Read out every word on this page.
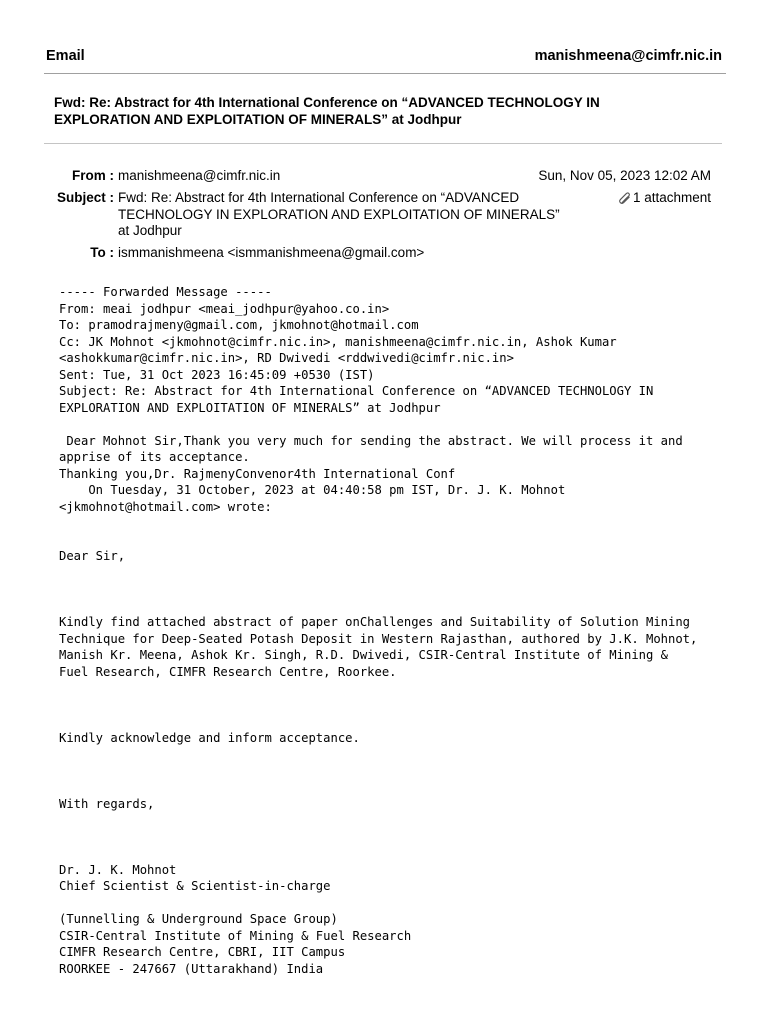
Email	manishmeena@cimfr.nic.in
Fwd: Re: Abstract for 4th International Conference on “ADVANCED TECHNOLOGY IN EXPLORATION AND EXPLOITATION OF MINERALS” at Jodhpur
From : manishmeena@cimfr.nic.in	Sun, Nov 05, 2023 12:02 AM
Subject : Fwd: Re: Abstract for 4th International Conference on “ADVANCED
TECHNOLOGY IN EXPLORATION AND EXPLOITATION OF MINERALS”
at Jodhpur
1 attachment
To : ismmanishmeena <ismmanishmeena@gmail.com>
----- Forwarded Message -----
From: meai jodhpur <meai_jodhpur@yahoo.co.in>
To: pramodrajmeny@gmail.com, jkmohnot@hotmail.com
Cc: JK Mohnot <jkmohnot@cimfr.nic.in>, manishmeena@cimfr.nic.in, Ashok Kumar
<ashokkumar@cimfr.nic.in>, RD Dwivedi <rddwivedi@cimfr.nic.in>
Sent: Tue, 31 Oct 2023 16:45:09 +0530 (IST)
Subject: Re: Abstract for 4th International Conference on “ADVANCED TECHNOLOGY IN
EXPLORATION AND EXPLOITATION OF MINERALS” at Jodhpur
Dear Mohnot Sir,Thank you very much for sending the abstract. We will process it and
apprise of its acceptance.
Thanking you,Dr. RajmenyConvenor4th International Conf
On Tuesday, 31 October, 2023 at 04:40:58 pm IST, Dr. J. K. Mohnot
<jkmohnot@hotmail.com> wrote:
Dear Sir,
Kindly find attached abstract of paper onChallenges and Suitability of Solution Mining
Technique for Deep-Seated Potash Deposit in Western Rajasthan, authored by J.K. Mohnot,
Manish Kr. Meena, Ashok Kr. Singh, R.D. Dwivedi, CSIR-Central Institute of Mining &
Fuel Research, CIMFR Research Centre, Roorkee.
Kindly acknowledge and inform acceptance.
With regards,
Dr. J. K. Mohnot
Chief Scientist & Scientist-in-charge
(Tunnelling & Underground Space Group)
CSIR-Central Institute of Mining & Fuel Research
CIMFR Research Centre, CBRI, IIT Campus
ROORKEE - 247667 (Uttarakhand) India
